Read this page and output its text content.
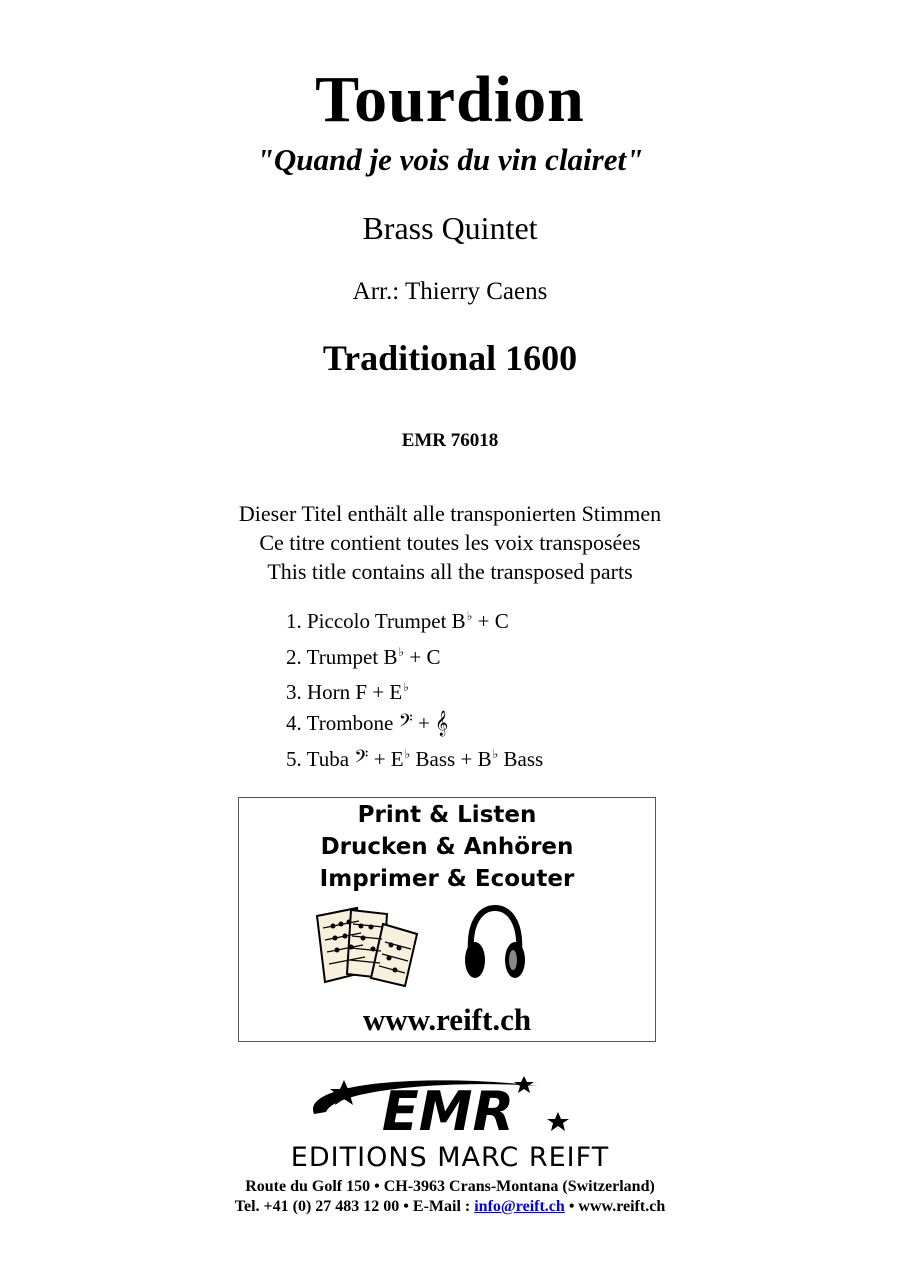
Tourdion
"Quand je vois du vin clairet"
Brass Quintet
Arr.: Thierry Caens
Traditional 1600
EMR 76018
Dieser Titel enthält alle transponierten Stimmen
Ce titre contient toutes les voix transposées
This title contains all the transposed parts
1. Piccolo Trumpet B♭ + C
2. Trumpet B♭ + C
3. Horn F + E♭
4. Trombone 𝄢 + 𝄞
5. Tuba 𝄢 + E♭ Bass + B♭ Bass
Print & Listen
Drucken & Anhören
Imprimer & Ecouter
www.reift.ch
EMR
EDITIONS MARC REIFT
Route du Golf 150 • CH-3963 Crans-Montana (Switzerland)
Tel. +41 (0) 27 483 12 00 • E-Mail : info@reift.ch • www.reift.ch
